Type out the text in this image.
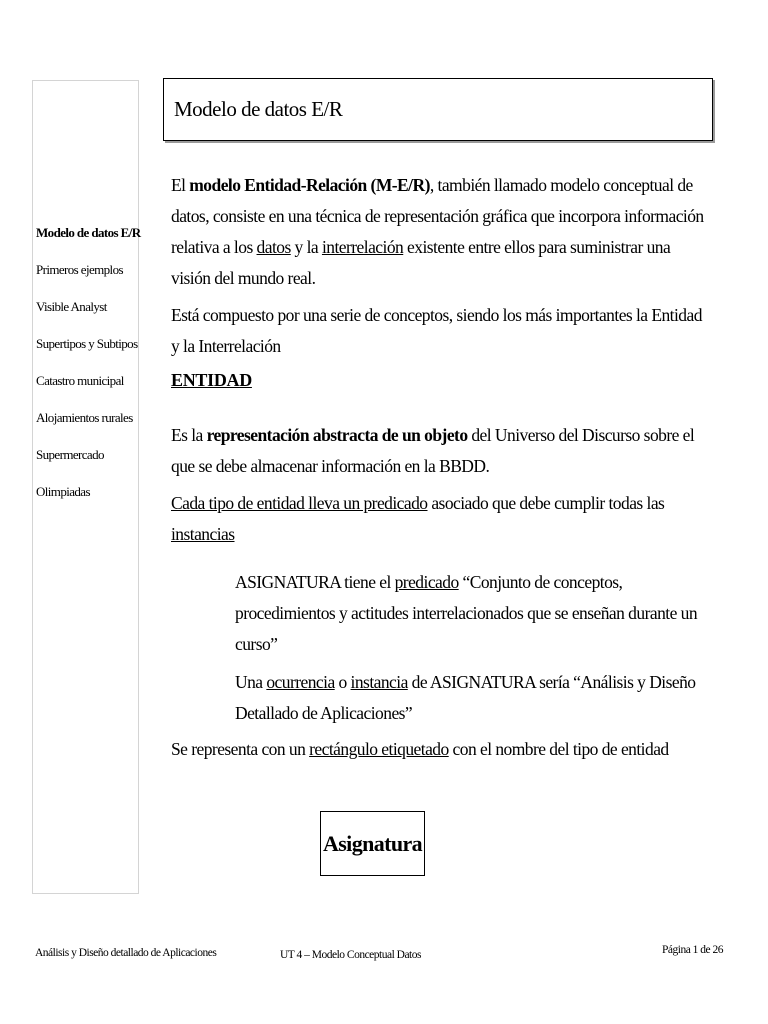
Modelo de datos E/R
Primeros ejemplos
Visible Analyst
Supertipos y Subtipos
Catastro municipal
Alojamientos rurales
Supermercado
Olimpiadas
Modelo de datos E/R

El modelo Entidad-Relación (M-E/R), también llamado modelo conceptual de datos, consiste en una técnica de representación gráfica que incorpora información relativa a los datos y la interrelación existente entre ellos para suministrar una visión del mundo real.

Está compuesto por una serie de conceptos, siendo los más importantes la Entidad y la Interrelación

ENTIDAD

Es la representación abstracta de un objeto del Universo del Discurso sobre el que se debe almacenar información en la BBDD.

Cada tipo de entidad lleva un predicado asociado que debe cumplir todas las instancias

ASIGNATURA tiene el predicado “Conjunto de conceptos, procedimientos y actitudes interrelacionados que se enseñan durante un curso”

Una ocurrencia o instancia de ASIGNATURA sería “Análisis y Diseño Detallado de Aplicaciones”

Se representa con un rectángulo etiquetado con el nombre del tipo de entidad

Asignatura
Análisis y Diseño detallado de Aplicaciones	UT 4 – Modelo Conceptual Datos	Página 1 de 26
